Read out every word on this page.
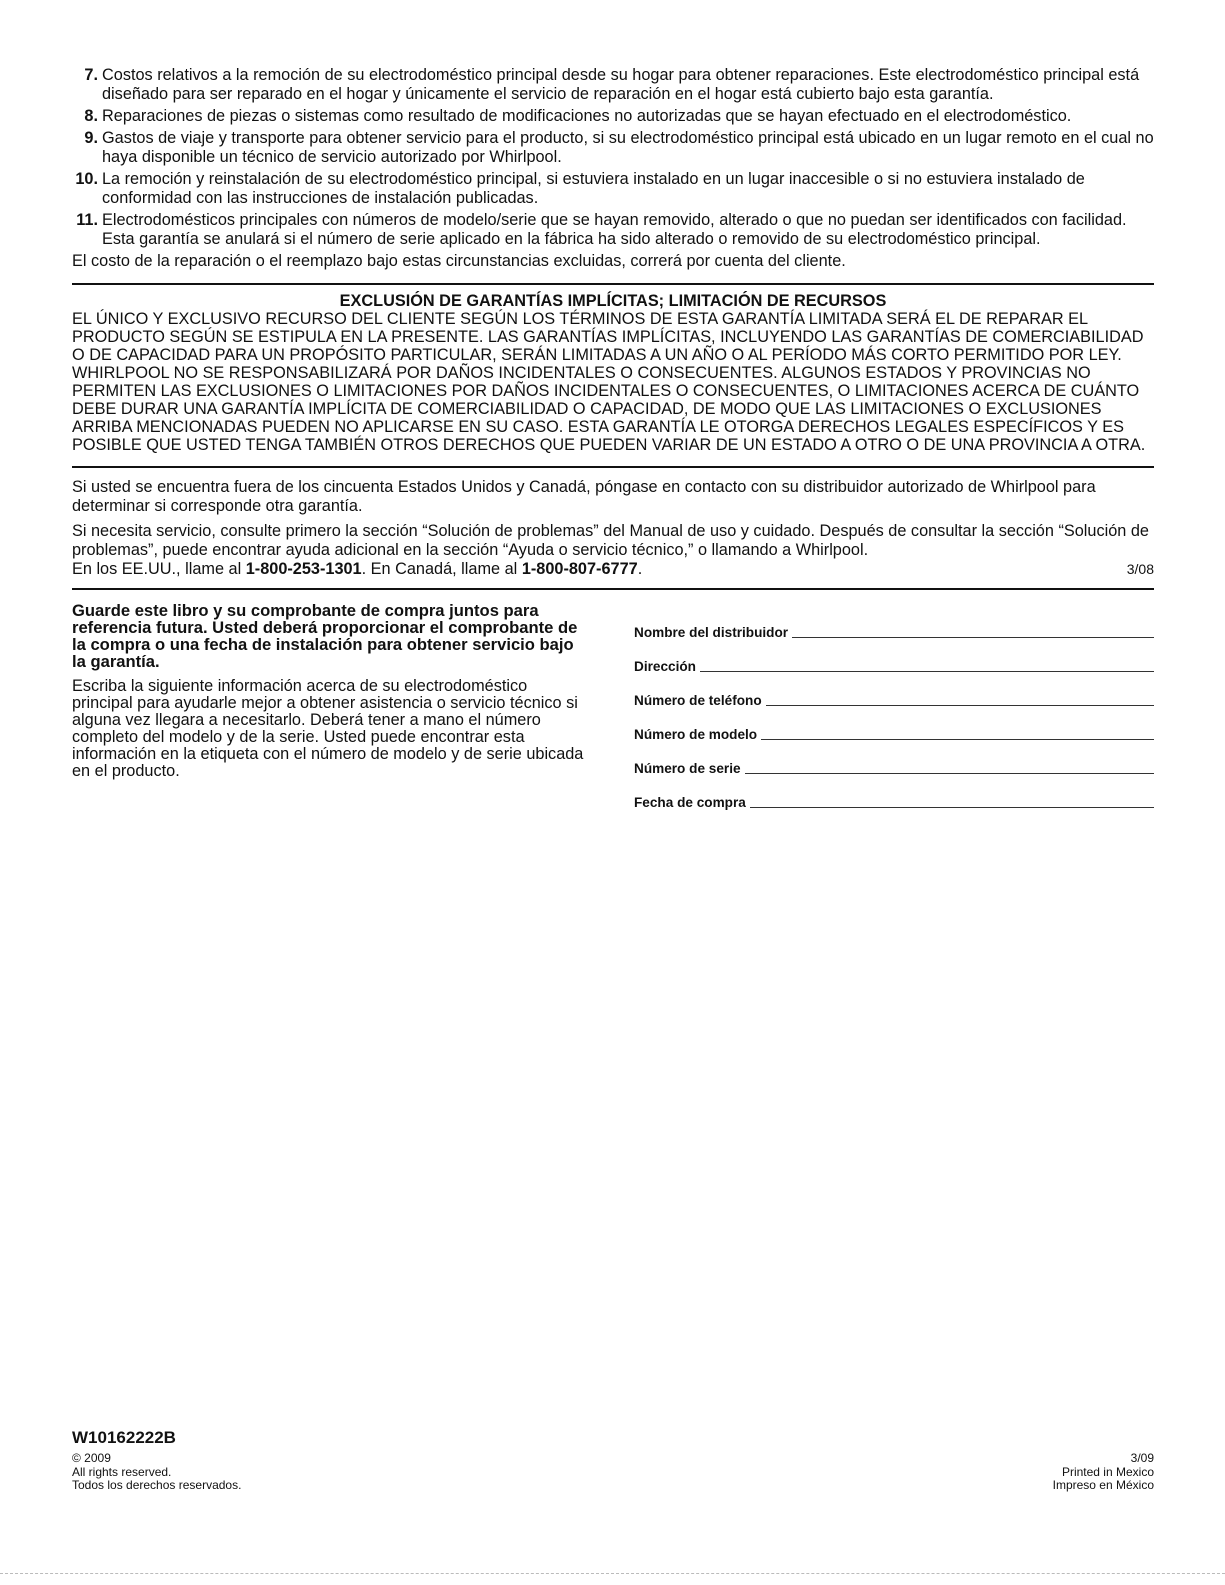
7. Costos relativos a la remoción de su electrodoméstico principal desde su hogar para obtener reparaciones. Este electrodoméstico principal está diseñado para ser reparado en el hogar y únicamente el servicio de reparación en el hogar está cubierto bajo esta garantía.
8. Reparaciones de piezas o sistemas como resultado de modificaciones no autorizadas que se hayan efectuado en el electrodoméstico.
9. Gastos de viaje y transporte para obtener servicio para el producto, si su electrodoméstico principal está ubicado en un lugar remoto en el cual no haya disponible un técnico de servicio autorizado por Whirlpool.
10. La remoción y reinstalación de su electrodoméstico principal, si estuviera instalado en un lugar inaccesible o si no estuviera instalado de conformidad con las instrucciones de instalación publicadas.
11. Electrodomésticos principales con números de modelo/serie que se hayan removido, alterado o que no puedan ser identificados con facilidad. Esta garantía se anulará si el número de serie aplicado en la fábrica ha sido alterado o removido de su electrodoméstico principal.

El costo de la reparación o el reemplazo bajo estas circunstancias excluidas, correrá por cuenta del cliente.

EXCLUSIÓN DE GARANTÍAS IMPLÍCITAS; LIMITACIÓN DE RECURSOS

EL ÚNICO Y EXCLUSIVO RECURSO DEL CLIENTE SEGÚN LOS TÉRMINOS DE ESTA GARANTÍA LIMITADA SERÁ EL DE REPARAR EL PRODUCTO SEGÚN SE ESTIPULA EN LA PRESENTE. LAS GARANTÍAS IMPLÍCITAS, INCLUYENDO LAS GARANTÍAS DE COMERCIABILIDAD O DE CAPACIDAD PARA UN PROPÓSITO PARTICULAR, SERÁN LIMITADAS A UN AÑO O AL PERÍODO MÁS CORTO PERMITIDO POR LEY. WHIRLPOOL NO SE RESPONSABILIZARÁ POR DAÑOS INCIDENTALES O CONSECUENTES. ALGUNOS ESTADOS Y PROVINCIAS NO PERMITEN LAS EXCLUSIONES O LIMITACIONES POR DAÑOS INCIDENTALES O CONSECUENTES, O LIMITACIONES ACERCA DE CUÁNTO DEBE DURAR UNA GARANTÍA IMPLÍCITA DE COMERCIABILIDAD O CAPACIDAD, DE MODO QUE LAS LIMITACIONES O EXCLUSIONES ARRIBA MENCIONADAS PUEDEN NO APLICARSE EN SU CASO. ESTA GARANTÍA LE OTORGA DERECHOS LEGALES ESPECÍFICOS Y ES POSIBLE QUE USTED TENGA TAMBIÉN OTROS DERECHOS QUE PUEDEN VARIAR DE UN ESTADO A OTRO O DE UNA PROVINCIA A OTRA.

Si usted se encuentra fuera de los cincuenta Estados Unidos y Canadá, póngase en contacto con su distribuidor autorizado de Whirlpool para determinar si corresponde otra garantía.

Si necesita servicio, consulte primero la sección “Solución de problemas” del Manual de uso y cuidado. Después de consultar la sección “Solución de problemas”, puede encontrar ayuda adicional en la sección “Ayuda o servicio técnico,” o llamando a Whirlpool.
En los EE.UU., llame al 1-800-253-1301. En Canadá, llame al 1-800-807-6777.	3/08

Guarde este libro y su comprobante de compra juntos para referencia futura. Usted deberá proporcionar el comprobante de la compra o una fecha de instalación para obtener servicio bajo la garantía.

Escriba la siguiente información acerca de su electrodoméstico principal para ayudarle mejor a obtener asistencia o servicio técnico si alguna vez llegara a necesitarlo. Deberá tener a mano el número completo del modelo y de la serie. Usted puede encontrar esta información en la etiqueta con el número de modelo y de serie ubicada en el producto.

Nombre del distribuidor
Dirección
Número de teléfono
Número de modelo
Número de serie
Fecha de compra
W10162222B
© 2009
All rights reserved.
Todos los derechos reservados.
3/09
Printed in Mexico
Impreso en México
